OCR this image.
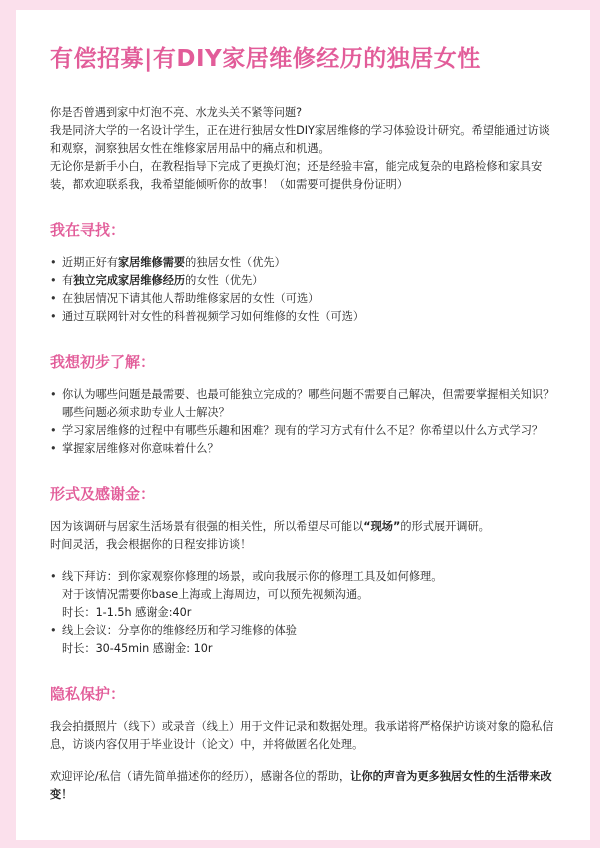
有偿招募|有DIY家居维修经历的独居女性

你是否曾遇到家中灯泡不亮、水龙头关不紧等问题?

我是同济大学的一名设计学生，正在进行独居女性DIY家居维修的学习体验设计研究。希望能通过访谈和观察，洞察独居女性在维修家居用品中的痛点和机遇。

无论你是新手小白，在教程指导下完成了更换灯泡；还是经验丰富，能完成复杂的电路检修和家具安装，都欢迎联系我，我希望能倾听你的故事！（如需要可提供身份证明）

我在寻找：
• 近期正好有家居维修需要的独居女性（优先）
• 有独立完成家居维修经历的女性（优先）
• 在独居情况下请其他人帮助维修家居的女性（可选）
• 通过互联网针对女性的科普视频学习如何维修的女性（可选）
我想初步了解：
• 你认为哪些问题是最需要、也最可能独立完成的？哪些问题不需要自己解决，但需要掌握相关知识？哪些问题必须求助专业人士解决？
• 学习家居维修的过程中有哪些乐趣和困难？现有的学习方式有什么不足？你希望以什么方式学习？
• 掌握家居维修对你意味着什么？
形式及感谢金：

因为该调研与居家生活场景有很强的相关性，所以希望尽可能以“现场”的形式展开调研。

时间灵活，我会根据你的日程安排访谈！

• 线下拜访：到你家观察你修理的场景，或向我展示你的修理工具及如何修理。
对于该情况需要你base上海或上海周边，可以预先视频沟通。
时长：1-1.5h 感谢金:40r
• 线上会议：分享你的维修经历和学习维修的体验
时长：30-45min 感谢金: 10r
隐私保护：

我会拍摄照片（线下）或录音（线上）用于文件记录和数据处理。我承诺将严格保护访谈对象的隐私信息，访谈内容仅用于毕业设计（论文）中，并将做匿名化处理。

欢迎评论/私信（请先简单描述你的经历），感谢各位的帮助，让你的声音为更多独居女性的生活带来改变！
